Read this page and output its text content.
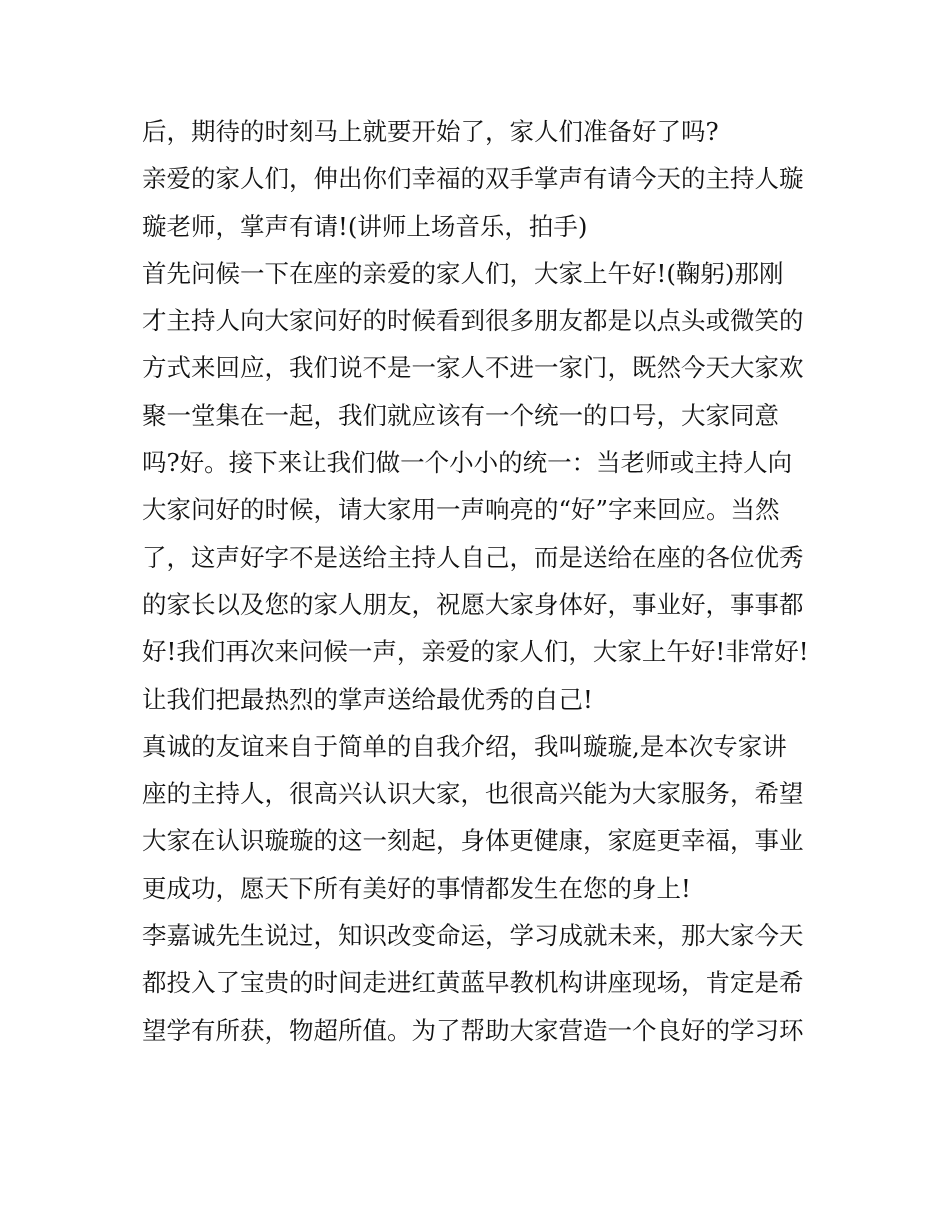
后，期待的时刻马上就要开始了，家人们准备好了吗?
亲爱的家人们，伸出你们幸福的双手掌声有请今天的主持人璇
璇老师，掌声有请!(讲师上场音乐，拍手)
首先问候一下在座的亲爱的家人们，大家上午好!(鞠躬)那刚
才主持人向大家问好的时候看到很多朋友都是以点头或微笑的
方式来回应，我们说不是一家人不进一家门，既然今天大家欢
聚一堂集在一起，我们就应该有一个统一的口号，大家同意
吗?好。接下来让我们做一个小小的统一：当老师或主持人向
大家问好的时候，请大家用一声响亮的“好”字来回应。当然
了，这声好字不是送给主持人自己，而是送给在座的各位优秀
的家长以及您的家人朋友，祝愿大家身体好，事业好，事事都
好!我们再次来问候一声，亲爱的家人们，大家上午好!非常好!
让我们把最热烈的掌声送给最优秀的自己!
真诚的友谊来自于简单的自我介绍，我叫璇璇,是本次专家讲
座的主持人，很高兴认识大家，也很高兴能为大家服务，希望
大家在认识璇璇的这一刻起，身体更健康，家庭更幸福，事业
更成功，愿天下所有美好的事情都发生在您的身上!
李嘉诚先生说过，知识改变命运，学习成就未来，那大家今天
都投入了宝贵的时间走进红黄蓝早教机构讲座现场，肯定是希
望学有所获，物超所值。为了帮助大家营造一个良好的学习环
